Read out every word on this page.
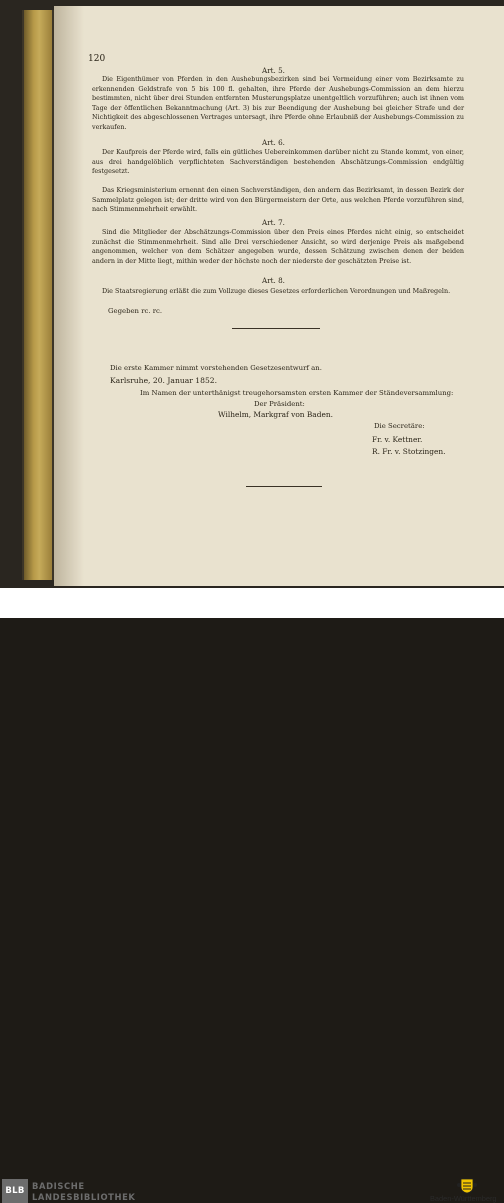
120
Art. 5.
Die Eigenthümer von Pferden in den Aushebungsbezirken sind bei Vermeidung einer vom Bezirksamte zu erkennenden Geldstrafe von 5 bis 100 fl. gehalten, ihre Pferde der Aushebungs-Commission an dem hierzu bestimmten, nicht über drei Stunden entfernten Musterungsplatze unentgeltlich vorzuführen; auch ist ihnen vom Tage der öffentlichen Bekanntmachung (Art. 3) bis zur Beendigung der Aushebung bei gleicher Strafe und der Nichtigkeit des abgeschlossenen Vertrages untersagt, ihre Pferde ohne Erlaubniß der Aushebungs-Commission zu verkaufen.
Art. 6.
Der Kaufpreis der Pferde wird, falls ein gütliches Uebereinkommen darüber nicht zu Stande kommt, von einer, aus drei handgelöblich verpflichteten Sachverständigen bestehenden Abschätzungs-Commission endgültig festgesetzt.
Das Kriegsministerium ernennt den einen Sachverständigen, den andern das Bezirksamt, in dessen Bezirk der Sammelplatz gelegen ist; der dritte wird von den Bürgermeistern der Orte, aus welchen Pferde vorzuführen sind, nach Stimmenmehrheit erwählt.
Art. 7.
Sind die Mitglieder der Abschätzungs-Commission über den Preis eines Pferdes nicht einig, so entscheidet zunächst die Stimmenmehrheit. Sind alle Drei verschiedener Ansicht, so wird derjenige Preis als maßgebend angenommen, welcher von dem Schätzer angegeben wurde, dessen Schätzung zwischen denen der beiden andern in der Mitte liegt, mithin weder der höchste noch der niederste der geschätzten Preise ist.
Art. 8.
Die Staatsregierung erläßt die zum Vollzuge dieses Gesetzes erforderlichen Verordnungen und Maßregeln.
Gegeben rc. rc.
Die erste Kammer nimmt vorstehenden Gesetzesentwurf an.
Karlsruhe, 20. Januar 1852.
Im Namen der unterthänigst treugehorsamsten ersten Kammer der Ständeversammlung:
Der Präsident:
Wilhelm, Markgraf von Baden.
Die Secretäre:
Fr. v. Kettner.
R. Fr. v. Stotzingen.
BLB BADISCHE
LANDESBIBLIOTHEK	Baden-Württemberg
